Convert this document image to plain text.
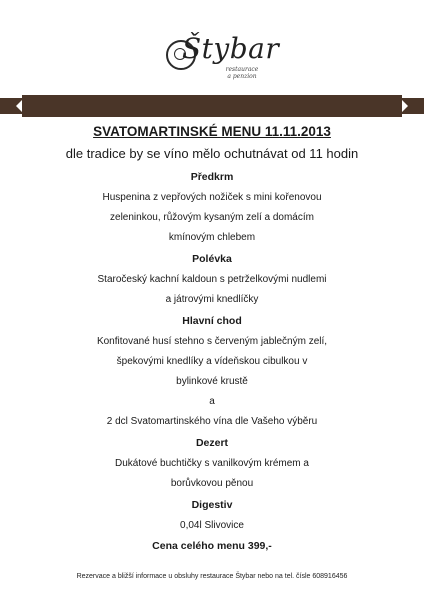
Štybar
restaurace
a penzion
SVATOMARTINSKÉ MENU 11.11.2013
dle tradice by se víno mělo ochutnávat od 11 hodin
Předkrm
Huspenina z vepřových nožiček s mini kořenovou
zeleninkou, růžovým kysaným zelí a domácím
kmínovým chlebem
Polévka
Staročeský kachní kaldoun s petrželkovými nudlemi
a játrovými knedlíčky
Hlavní chod
Konfitované husí stehno s červeným jablečným zelí,
špekovými knedlíky a vídeňskou cibulkou v
bylinkové krustě
a
2 dcl Svatomartinského vína dle Vašeho výběru
Dezert
Dukátové buchtičky s vanilkovým krémem a
borůvkovou pěnou
Digestiv
0,04l Slivovice
Cena celého menu 399,-
Rezervace a bližší informace u obsluhy restaurace Štybar nebo na tel. čísle 608916456
